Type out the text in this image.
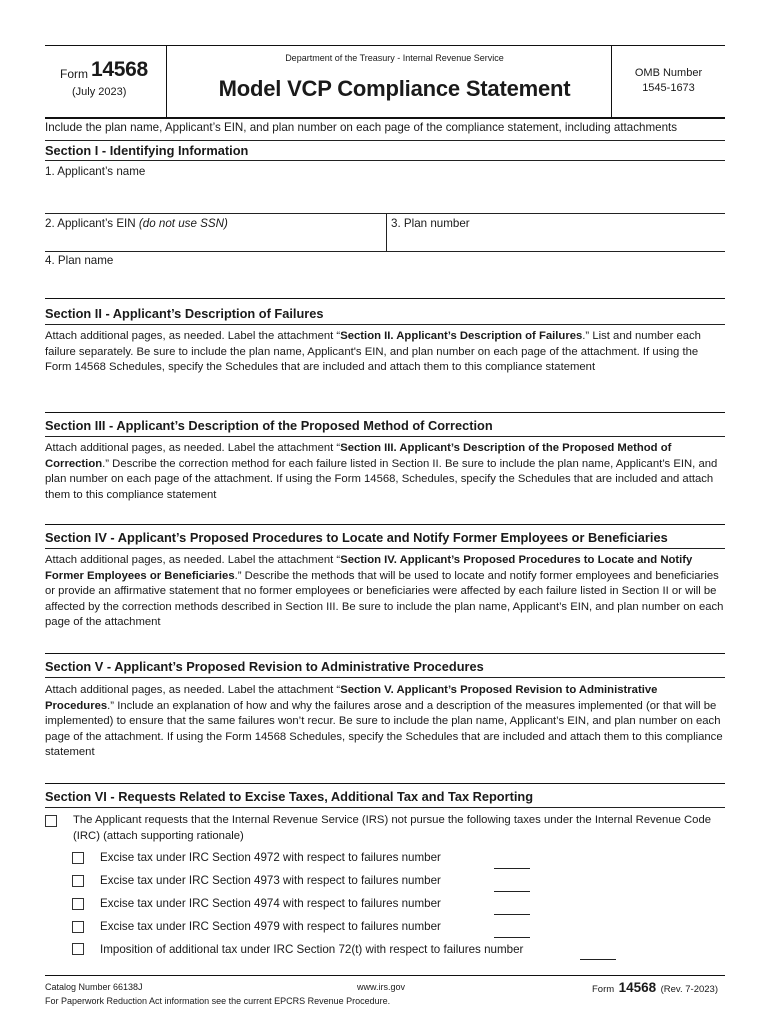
Form 14568
(July 2023)
Department of the Treasury - Internal Revenue Service
Model VCP Compliance Statement
OMB Number
1545-1673
Include the plan name, Applicant’s EIN, and plan number on each page of the compliance statement, including attachments
Section I - Identifying Information
1. Applicant’s name
2. Applicant’s EIN (do not use SSN)	3. Plan number
4. Plan name
Section II - Applicant’s Description of Failures
Attach additional pages, as needed. Label the attachment “Section II. Applicant’s Description of Failures.” List and number each failure separately. Be sure to include the plan name, Applicant's EIN, and plan number on each page of the attachment. If using the Form 14568 Schedules, specify the Schedules that are included and attach them to this compliance statement
Section III - Applicant’s Description of the Proposed Method of Correction
Attach additional pages, as needed. Label the attachment “Section III. Applicant’s Description of the Proposed Method of Correction.” Describe the correction method for each failure listed in Section II. Be sure to include the plan name, Applicant’s EIN, and plan number on each page of the attachment. If using the Form 14568, Schedules, specify the Schedules that are included and attach them to this compliance statement
Section IV - Applicant’s Proposed Procedures to Locate and Notify Former Employees or Beneficiaries
Attach additional pages, as needed. Label the attachment “Section IV. Applicant’s Proposed Procedures to Locate and Notify Former Employees or Beneficiaries.” Describe the methods that will be used to locate and notify former employees and beneficiaries or provide an affirmative statement that no former employees or beneficiaries were affected by each failure listed in Section II or will be affected by the correction methods described in Section III. Be sure to include the plan name, Applicant’s EIN, and plan number on each page of the attachment
Section V - Applicant’s Proposed Revision to Administrative Procedures
Attach additional pages, as needed. Label the attachment “Section V. Applicant’s Proposed Revision to Administrative Procedures.” Include an explanation of how and why the failures arose and a description of the measures implemented (or that will be implemented) to ensure that the same failures won’t recur. Be sure to include the plan name, Applicant’s EIN, and plan number on each page of the attachment. If using the Form 14568 Schedules, specify the Schedules that are included and attach them to this compliance statement
Section VI - Requests Related to Excise Taxes, Additional Tax and Tax Reporting
The Applicant requests that the Internal Revenue Service (IRS) not pursue the following taxes under the Internal Revenue Code (IRC) (attach supporting rationale)
Excise tax under IRC Section 4972 with respect to failures number
Excise tax under IRC Section 4973 with respect to failures number
Excise tax under IRC Section 4974 with respect to failures number
Excise tax under IRC Section 4979 with respect to failures number
Imposition of additional tax under IRC Section 72(t) with respect to failures number
Catalog Number 66138J	www.irs.gov	Form 14568 (Rev. 7-2023)
For Paperwork Reduction Act information see the current EPCRS Revenue Procedure.
